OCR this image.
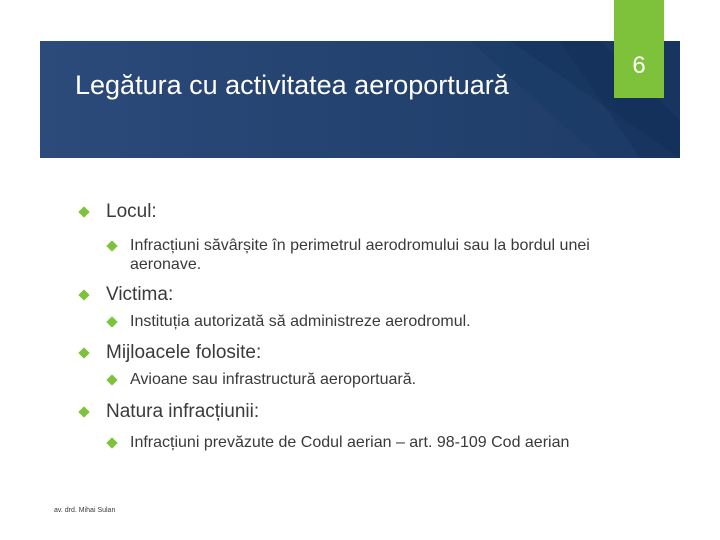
Legătura cu activitatea aeroportuară
6
Locul:
Infracțiuni săvârșite în perimetrul aerodromului sau la bordul unei aeronave.
Victima:
Instituția autorizată să administreze aerodromul.
Mijloacele folosite:
Avioane sau infrastructură aeroportuară.
Natura infracțiunii:
Infracțiuni prevăzute de Codul aerian – art. 98-109 Cod aerian
av. drd. Mihai Sulan
